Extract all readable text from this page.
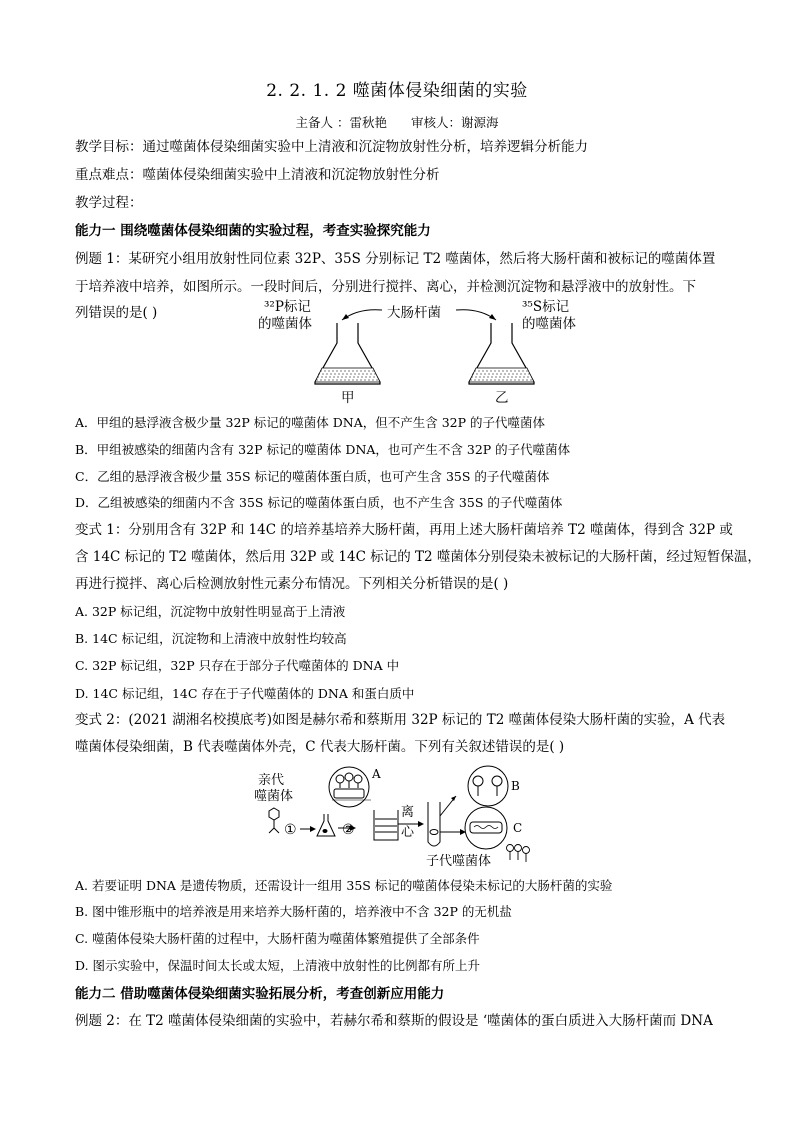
2. 2. 1. 2 噬菌体侵染细菌的实验
主备人 ：雷秋艳 审核人：谢源海
教学目标：通过噬菌体侵染细菌实验中上清液和沉淀物放射性分析，培养逻辑分析能力
重点难点：噬菌体侵染细菌实验中上清液和沉淀物放射性分析
教学过程：
能力一 围绕噬菌体侵染细菌的实验过程，考查实验探究能力
例题 1：某研究小组用放射性同位素 32P、35S 分别标记 T2 噬菌体，然后将大肠杆菌和被标记的噬菌体置
于培养液中培养，如图所示。一段时间后，分别进行搅拌、离心，并检测沉淀物和悬浮液中的放射性。下
列错误的是( )	³²P标记
的噬菌体
大肠杆菌	³⁵S标记
的噬菌体
甲	乙
A．甲组的悬浮液含极少量 32P 标记的噬菌体 DNA，但不产生含 32P 的子代噬菌体
B．甲组被感染的细菌内含有 32P 标记的噬菌体 DNA，也可产生不含 32P 的子代噬菌体
C．乙组的悬浮液含极少量 35S 标记的噬菌体蛋白质，也可产生含 35S 的子代噬菌体
D．乙组被感染的细菌内不含 35S 标记的噬菌体蛋白质，也不产生含 35S 的子代噬菌体
变式 1：分别用含有 32P 和 14C 的培养基培养大肠杆菌，再用上述大肠杆菌培养 T2 噬菌体，得到含 32P 或
含 14C 标记的 T2 噬菌体，然后用 32P 或 14C 标记的 T2 噬菌体分别侵染未被标记的大肠杆菌，经过短暂保温，
再进行搅拌、离心后检测放射性元素分布情况。下列相关分析错误的是( )
A. 32P 标记组，沉淀物中放射性明显高于上清液
B. 14C 标记组，沉淀物和上清液中放射性均较高
C. 32P 标记组，32P 只存在于部分子代噬菌体的 DNA 中
D. 14C 标记组，14C 存在于子代噬菌体的 DNA 和蛋白质中
变式 2：(2021 湖湘名校摸底考)如图是赫尔希和蔡斯用 32P 标记的 T2 噬菌体侵染大肠杆菌的实验，A 代表
噬菌体侵染细菌，B 代表噬菌体外壳，C 代表大肠杆菌。下列有关叙述错误的是( )
亲代
噬菌体
①	②
A
离
心
B
C
子代噬菌体
A. 若要证明 DNA 是遗传物质，还需设计一组用 35S 标记的噬菌体侵染未标记的大肠杆菌的实验
B. 图中锥形瓶中的培养液是用来培养大肠杆菌的，培养液中不含 32P 的无机盐
C. 噬菌体侵染大肠杆菌的过程中，大肠杆菌为噬菌体繁殖提供了全部条件
D. 图示实验中，保温时间太长或太短，上清液中放射性的比例都有所上升
能力二 借助噬菌体侵染细菌实验拓展分析，考查创新应用能力
例题 2：在 T2 噬菌体侵染细菌的实验中，若赫尔希和蔡斯的假设是 ‘噬菌体的蛋白质进入大肠杆菌而 DNA
